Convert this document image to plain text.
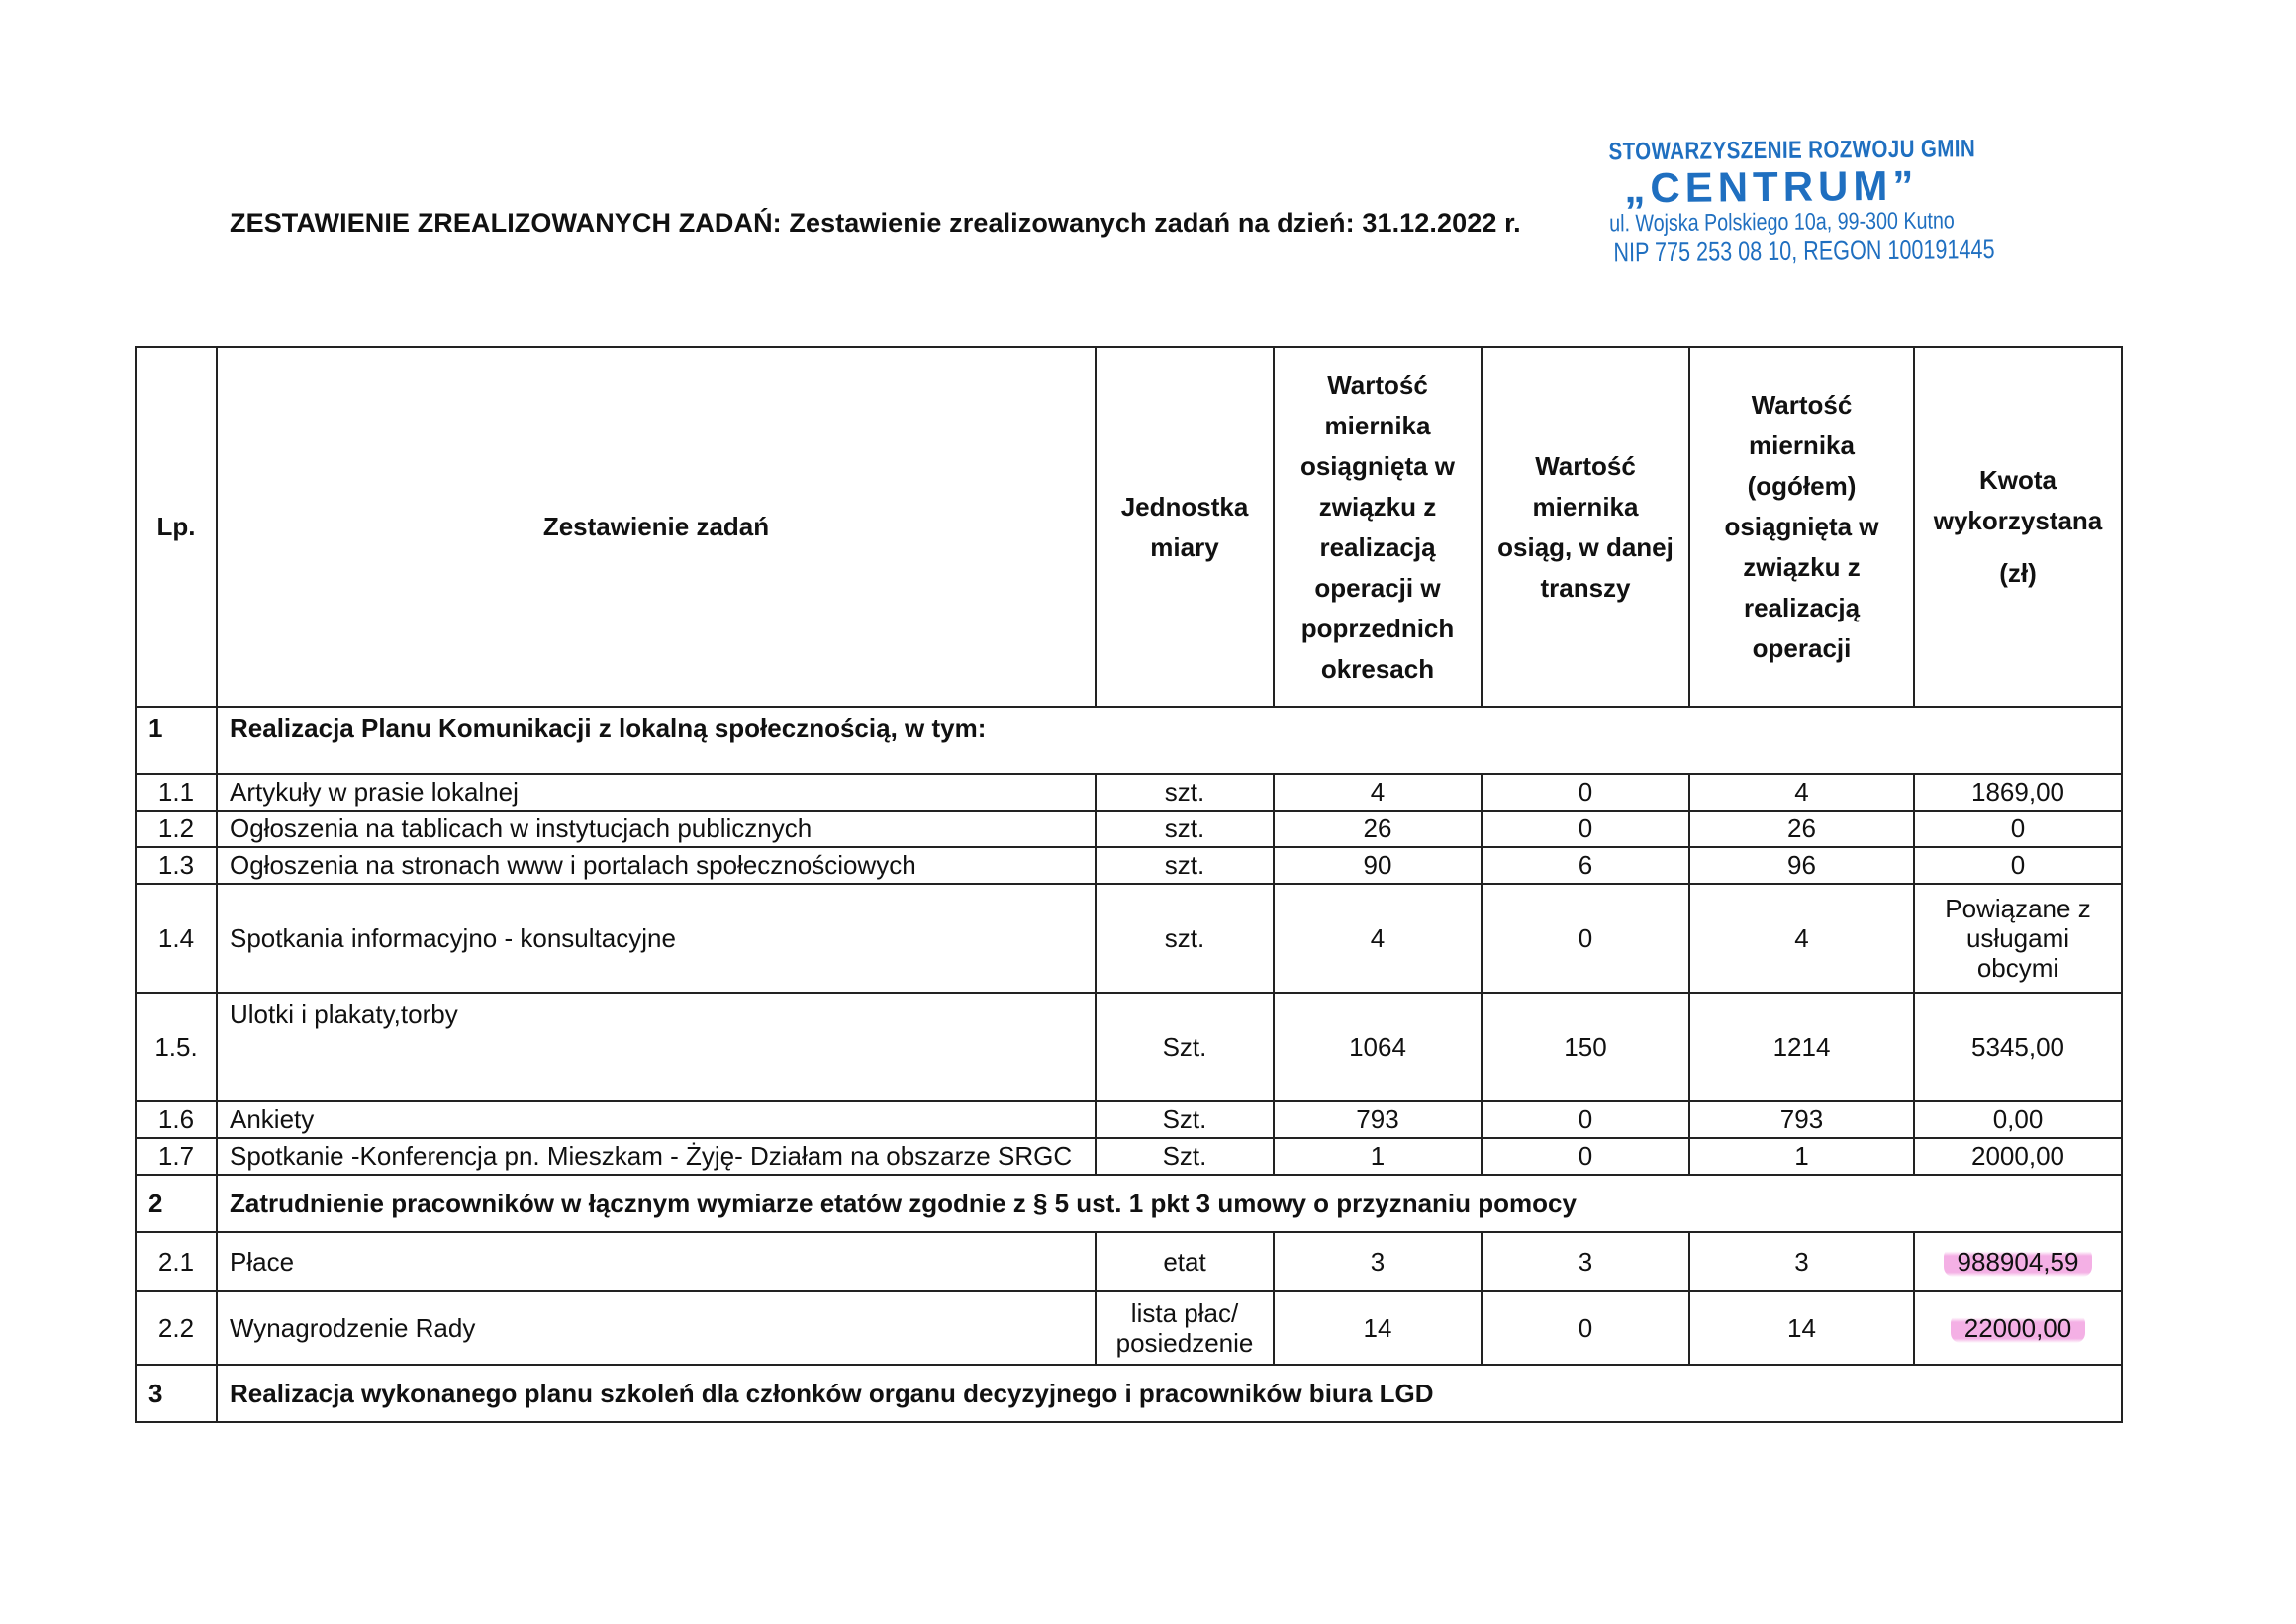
ZESTAWIENIE ZREALIZOWANYCH ZADAŃ: Zestawienie zrealizowanych zadań na dzień: 31.12.2022 r.
STOWARZYSZENIE ROZWOJU GMIN
„CENTRUM”
ul. Wojska Polskiego 10a, 99-300 Kutno
NIP 775 253 08 10, REGON 100191445
Lp.	Zestawienie zadań	Jednostka miary	Wartość miernika osiągnięta w związku z realizacją operacji w poprzednich okresach	Wartość miernika osiąg, w danej transzy	Wartość miernika (ogółem) osiągnięta w związku z realizacją operacji	Kwota wykorzystana
(zł)

1	Realizacja Planu Komunikacji z lokalną społecznością, w tym:					
1.1	Artykuły w prasie lokalnej	szt.	4	0	4	1869,00
1.2	Ogłoszenia na tablicach w instytucjach publicznych	szt.	26	0	26	0
1.3	Ogłoszenia na stronach www i portalach społecznościowych	szt.	90	6	96	0
1.4	Spotkania informacyjno - konsultacyjne	szt.	4	0	4	Powiązane z usługami obcymi
1.5.	Ulotki i plakaty,torby	Szt.	1064	150	1214	5345,00
1.6	Ankiety	Szt.	793	0	793	0,00
1.7	Spotkanie -Konferencja pn. Mieszkam - Żyję- Działam na obszarze SRGC	Szt.	1	0	1	2000,00
2	Zatrudnienie pracowników w łącznym wymiarze etatów zgodnie z § 5 ust. 1 pkt 3 umowy o przyznaniu pomocy					
2.1	Płace	etat	3	3	3	988904,59
2.2	Wynagrodzenie Rady	lista płac/ posiedzenie	14	0	14	22000,00
3	Realizacja wykonanego planu szkoleń dla członków organu decyzyjnego i pracowników biura LGD					
